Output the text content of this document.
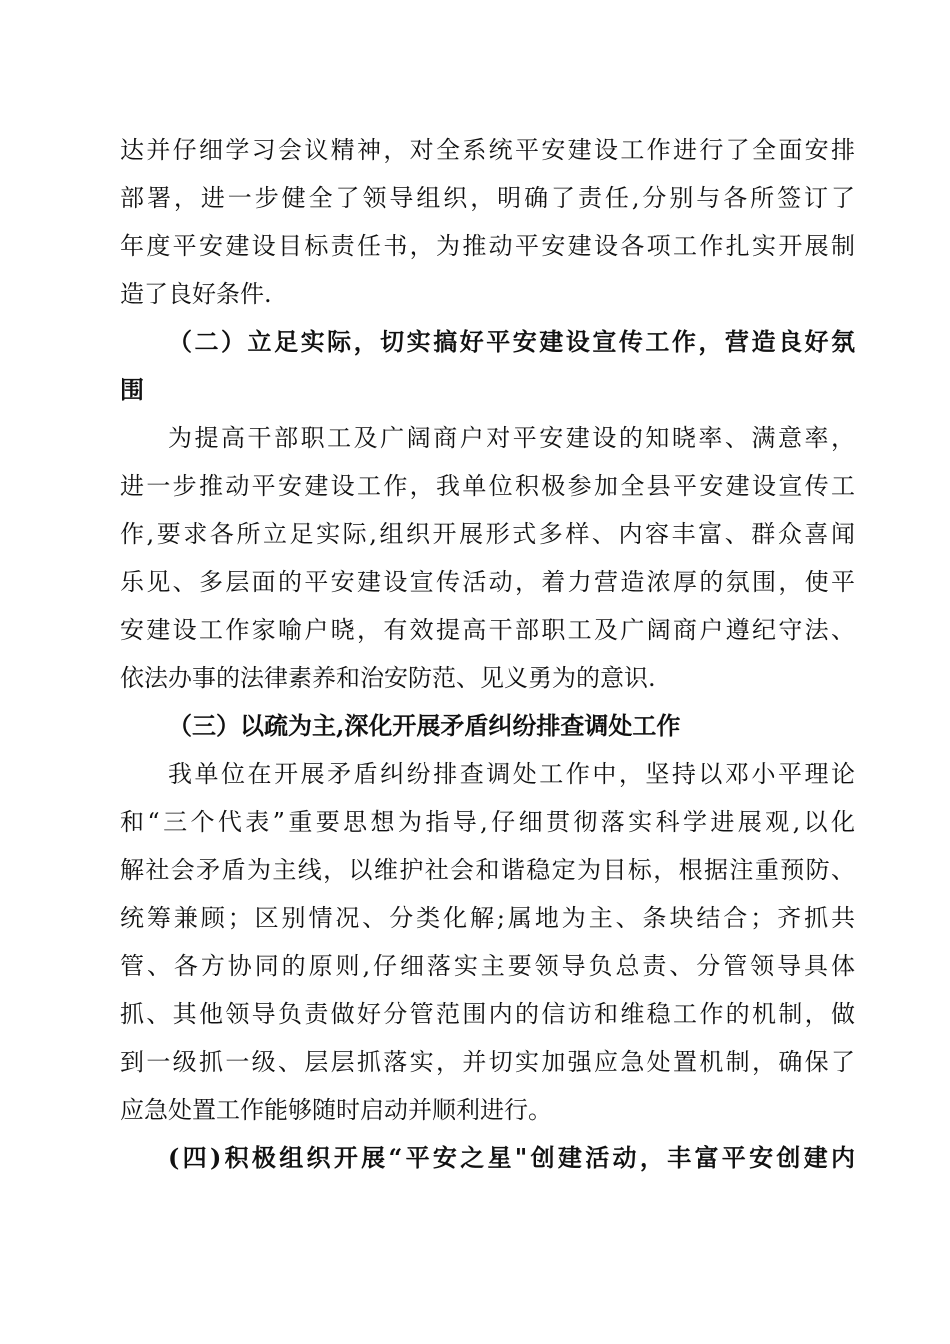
达并仔细学习会议精神，对全系统平安建设工作进行了全面安排
部署，进一步健全了领导组织，明确了责任,分别与各所签订了
年度平安建设目标责任书，为推动平安建设各项工作扎实开展制
造了良好条件.
（二）立足实际，切实搞好平安建设宣传工作，营造良好氛
围
为提高干部职工及广阔商户对平安建设的知晓率、满意率，
进一步推动平安建设工作，我单位积极参加全县平安建设宣传工
作,要求各所立足实际,组织开展形式多样、内容丰富、群众喜闻
乐见、多层面的平安建设宣传活动，着力营造浓厚的氛围，使平
安建设工作家喻户晓，有效提高干部职工及广阔商户遵纪守法、
依法办事的法律素养和治安防范、见义勇为的意识.
（三）以疏为主,深化开展矛盾纠纷排查调处工作
我单位在开展矛盾纠纷排查调处工作中，坚持以邓小平理论
和“三个代表”重要思想为指导,仔细贯彻落实科学进展观,以化
解社会矛盾为主线，以维护社会和谐稳定为目标，根据注重预防、
统筹兼顾；区别情况、分类化解;属地为主、条块结合；齐抓共
管、各方协同的原则,仔细落实主要领导负总责、分管领导具体
抓、其他领导负责做好分管范围内的信访和维稳工作的机制，做
到一级抓一级、层层抓落实，并切实加强应急处置机制，确保了
应急处置工作能够随时启动并顺利进行。
(四)积极组织开展“平安之星"创建活动，丰富平安创建内
